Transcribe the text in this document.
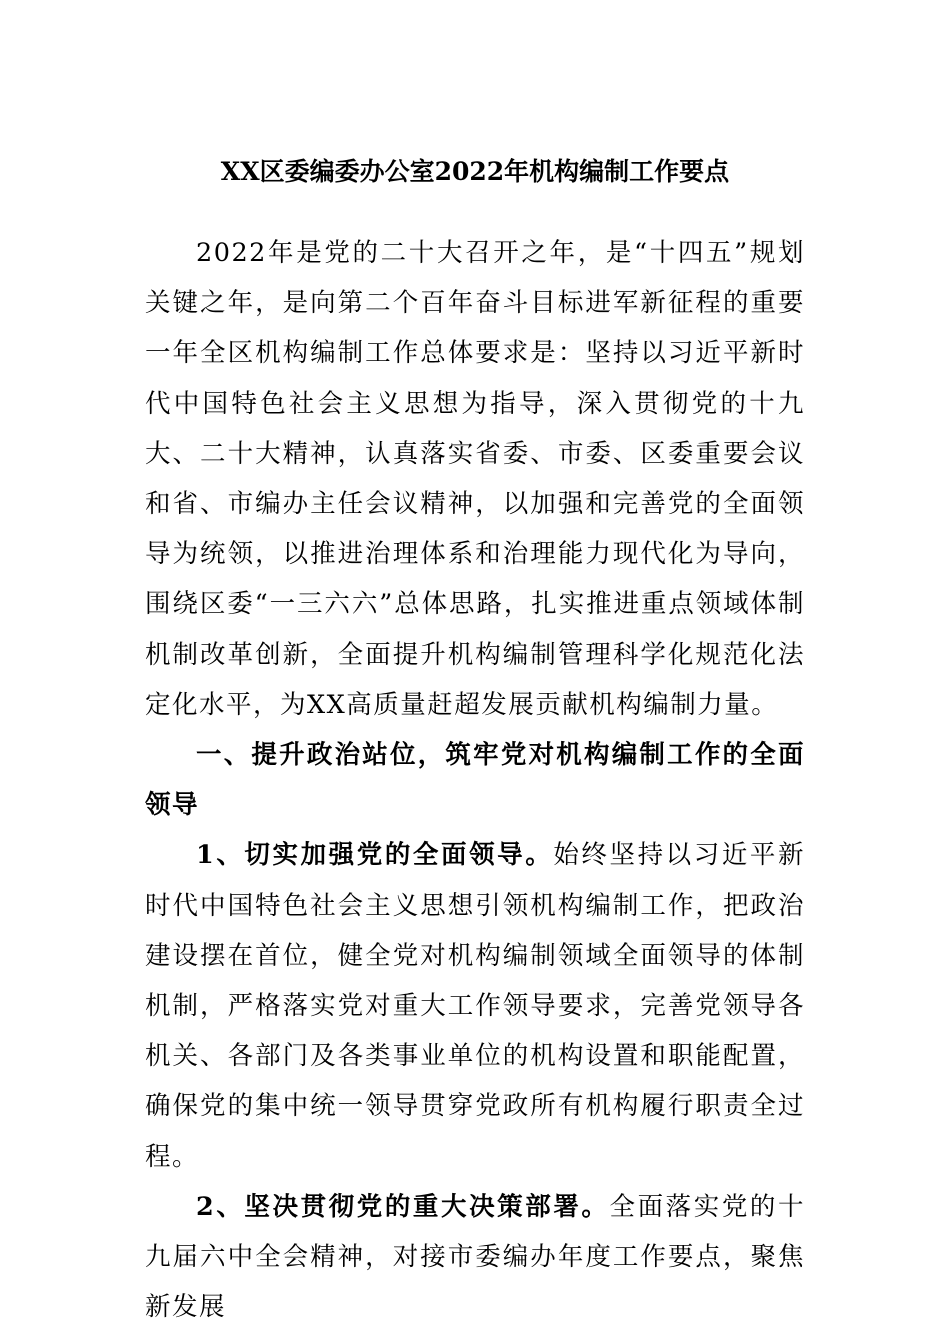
XX区委编委办公室2022年机构编制工作要点

2022年是党的二十大召开之年，是“十四五”规划关键之年，是向第二个百年奋斗目标进军新征程的重要一年全区机构编制工作总体要求是：坚持以习近平新时代中国特色社会主义思想为指导，深入贯彻党的十九大、二十大精神，认真落实省委、市委、区委重要会议和省、市编办主任会议精神，以加强和完善党的全面领导为统领，以推进治理体系和治理能力现代化为导向，围绕区委“一三六六”总体思路，扎实推进重点领域体制机制改革创新，全面提升机构编制管理科学化规范化法定化水平，为XX高质量赶超发展贡献机构编制力量。

一、提升政治站位，筑牢党对机构编制工作的全面领导

1、切实加强党的全面领导。始终坚持以习近平新时代中国特色社会主义思想引领机构编制工作，把政治建设摆在首位，健全党对机构编制领域全面领导的体制机制，严格落实党对重大工作领导要求，完善党领导各机关、各部门及各类事业单位的机构设置和职能配置，确保党的集中统一领导贯穿党政所有机构履行职责全过程。

2、坚决贯彻党的重大决策部署。全面落实党的十九届六中全会精神，对接市委编办年度工作要点，聚焦新发展
